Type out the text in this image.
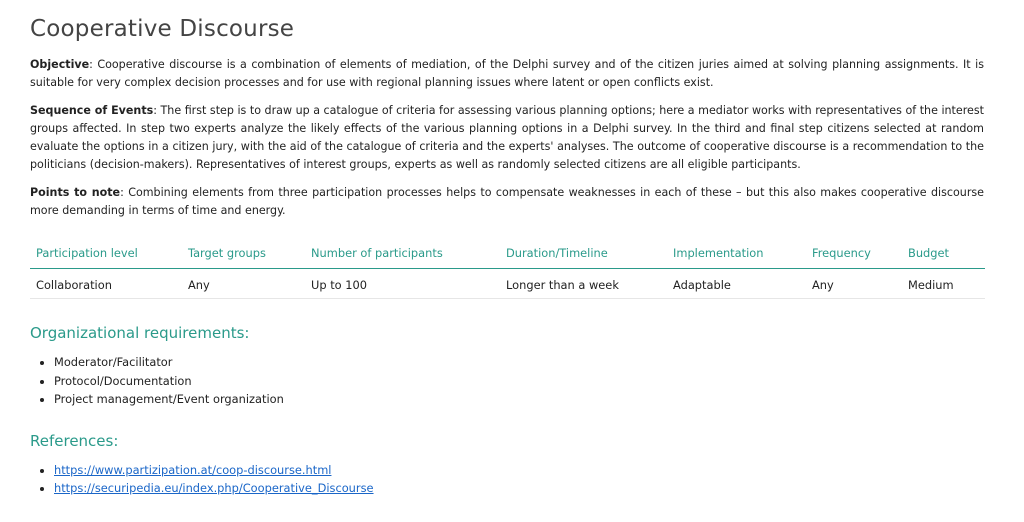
Cooperative Discourse

Objective: Cooperative discourse is a combination of elements of mediation, of the Delphi survey and of the citizen juries aimed at solving planning assignments. It is suitable for very complex decision processes and for use with regional planning issues where latent or open conflicts exist.

Sequence of Events: The first step is to draw up a catalogue of criteria for assessing various planning options; here a mediator works with representatives of the interest groups affected. In step two experts analyze the likely effects of the various planning options in a Delphi survey. In the third and final step citizens selected at random evaluate the options in a citizen jury, with the aid of the catalogue of criteria and the experts' analyses. The outcome of cooperative discourse is a recommendation to the politicians (decision-makers). Representatives of interest groups, experts as well as randomly selected citizens are all eligible participants.

Points to note: Combining elements from three participation processes helps to compensate weaknesses in each of these – but this also makes cooperative discourse more demanding in terms of time and energy.

Participation level	Target groups	Number of participants	Duration/Timeline	Implementation	Frequency	Budget
Collaboration	Any	Up to 100	Longer than a week	Adaptable	Any	Medium
Organizational requirements:
• Moderator/Facilitator
• Protocol/Documentation
• Project management/Event organization
References:
• https://www.partizipation.at/coop-discourse.html
• https://securipedia.eu/index.php/Cooperative_Discourse
